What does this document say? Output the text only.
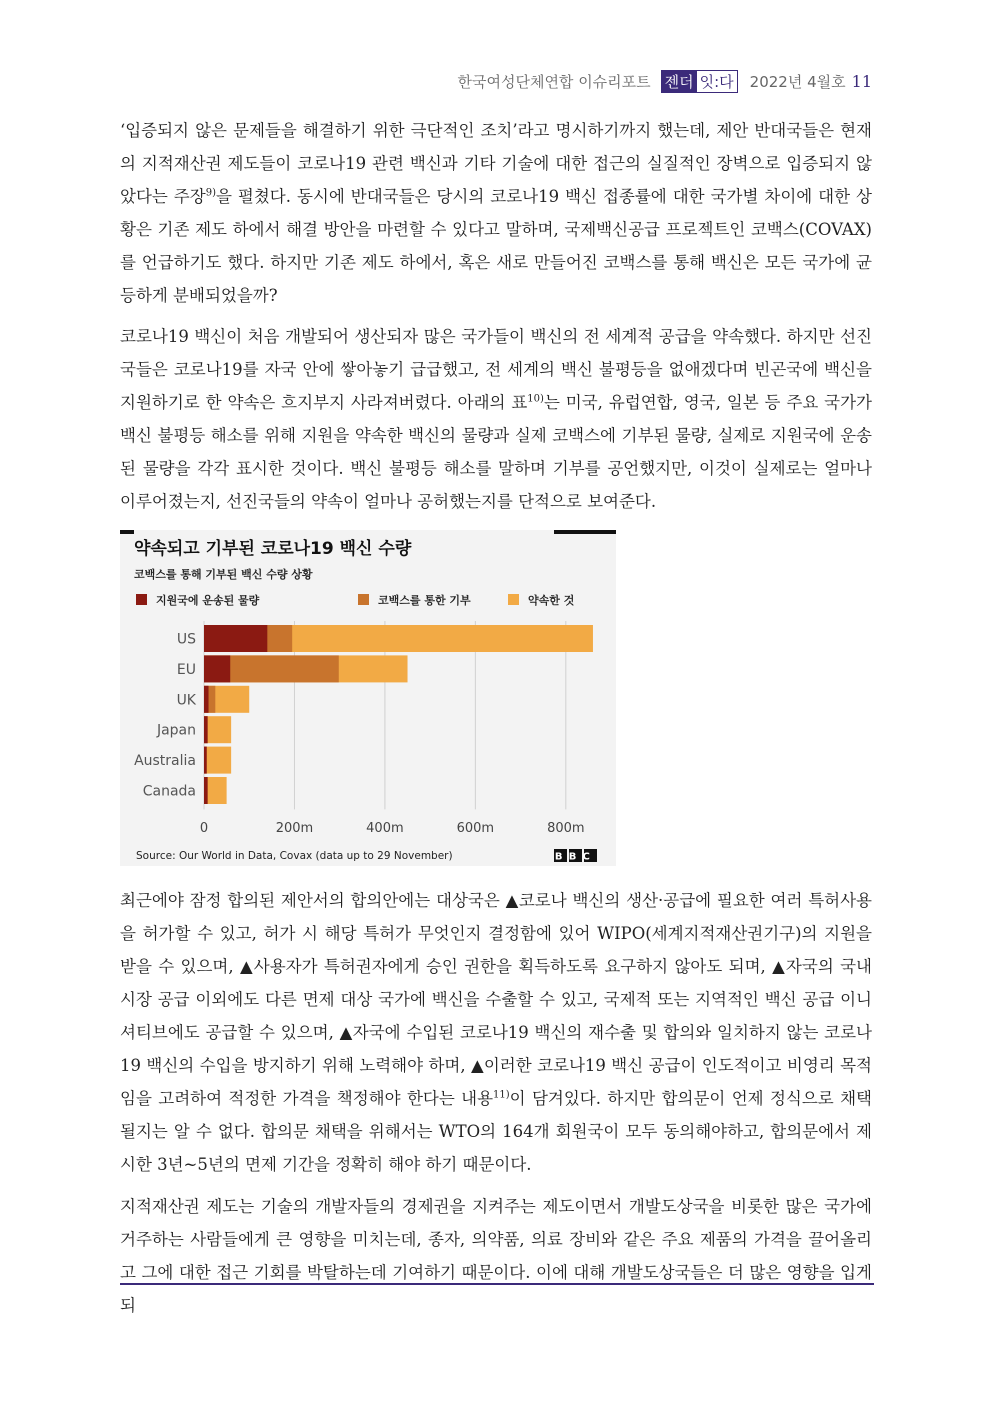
한국여성단체연합 이슈리포트 젠더 잇:다 2022년 4월호 11

‘입증되지 않은 문제들을 해결하기 위한 극단적인 조치’라고 명시하기까지 했는데, 제안 반대국들은 현재의 지적재산권 제도들이 코로나19 관련 백신과 기타 기술에 대한 접근의 실질적인 장벽으로 입증되지 않았다는 주장$^{9)}$을 펼쳤다. 동시에 반대국들은 당시의 코로나19 백신 접종률에 대한 국가별 차이에 대한 상황은 기존 제도 하에서 해결 방안을 마련할 수 있다고 말하며, 국제백신공급 프로젝트인 코백스(COVAX)를 언급하기도 했다. 하지만 기존 제도 하에서, 혹은 새로 만들어진 코백스를 통해 백신은 모든 국가에 균등하게 분배되었을까?

코로나19 백신이 처음 개발되어 생산되자 많은 국가들이 백신의 전 세계적 공급을 약속했다. 하지만 선진국들은 코로나19를 자국 안에 쌓아놓기 급급했고, 전 세계의 백신 불평등을 없애겠다며 빈곤국에 백신을 지원하기로 한 약속은 흐지부지 사라져버렸다. 아래의 표$^{10)}$는 미국, 유럽연합, 영국, 일본 등 주요 국가가 백신 불평등 해소를 위해 지원을 약속한 백신의 물량과 실제 코백스에 기부된 물량, 실제로 지원국에 운송된 물량을 각각 표시한 것이다. 백신 불평등 해소를 말하며 기부를 공언했지만, 이것이 실제로는 얼마나 이루어졌는지, 선진국들의 약속이 얼마나 공허했는지를 단적으로 보여준다.

약속되고 기부된 코로나19 백신 수량
코백스를 통해 기부된 백신 수량 상황
지원국에 운송된 물량	코백스를 통한 기부	약속한 것
US
EU
UK
Japan
Australia
Canada
0	200m	400m	600m	800m
Source: Our World in Data, Covax (data up to 29 November)	BBC

최근에야 잠정 합의된 제안서의 합의안에는 대상국은 ▲코로나 백신의 생산·공급에 필요한 여러 특허사용을 허가할 수 있고, 허가 시 해당 특허가 무엇인지 결정함에 있어 WIPO(세계지적재산권기구)의 지원을 받을 수 있으며, ▲사용자가 특허권자에게 승인 권한을 획득하도록 요구하지 않아도 되며, ▲자국의 국내시장 공급 이외에도 다른 면제 대상 국가에 백신을 수출할 수 있고, 국제적 또는 지역적인 백신 공급 이니셔티브에도 공급할 수 있으며, ▲자국에 수입된 코로나19 백신의 재수출 및 합의와 일치하지 않는 코로나19 백신의 수입을 방지하기 위해 노력해야 하며, ▲이러한 코로나19 백신 공급이 인도적이고 비영리 목적임을 고려하여 적정한 가격을 책정해야 한다는 내용$^{11)}$이 담겨있다. 하지만 합의문이 언제 정식으로 채택될지는 알 수 없다. 합의문 채택을 위해서는 WTO의 164개 회원국이 모두 동의해야하고, 합의문에서 제시한 3년~5년의 면제 기간을 정확히 해야 하기 때문이다.

지적재산권 제도는 기술의 개발자들의 경제권을 지켜주는 제도이면서 개발도상국을 비롯한 많은 국가에 거주하는 사람들에게 큰 영향을 미치는데, 종자, 의약품, 의료 장비와 같은 주요 제품의 가격을 끌어올리고 그에 대한 접근 기회를 박탈하는데 기여하기 때문이다. 이에 대해 개발도상국들은 더 많은 영향을 입게 되
